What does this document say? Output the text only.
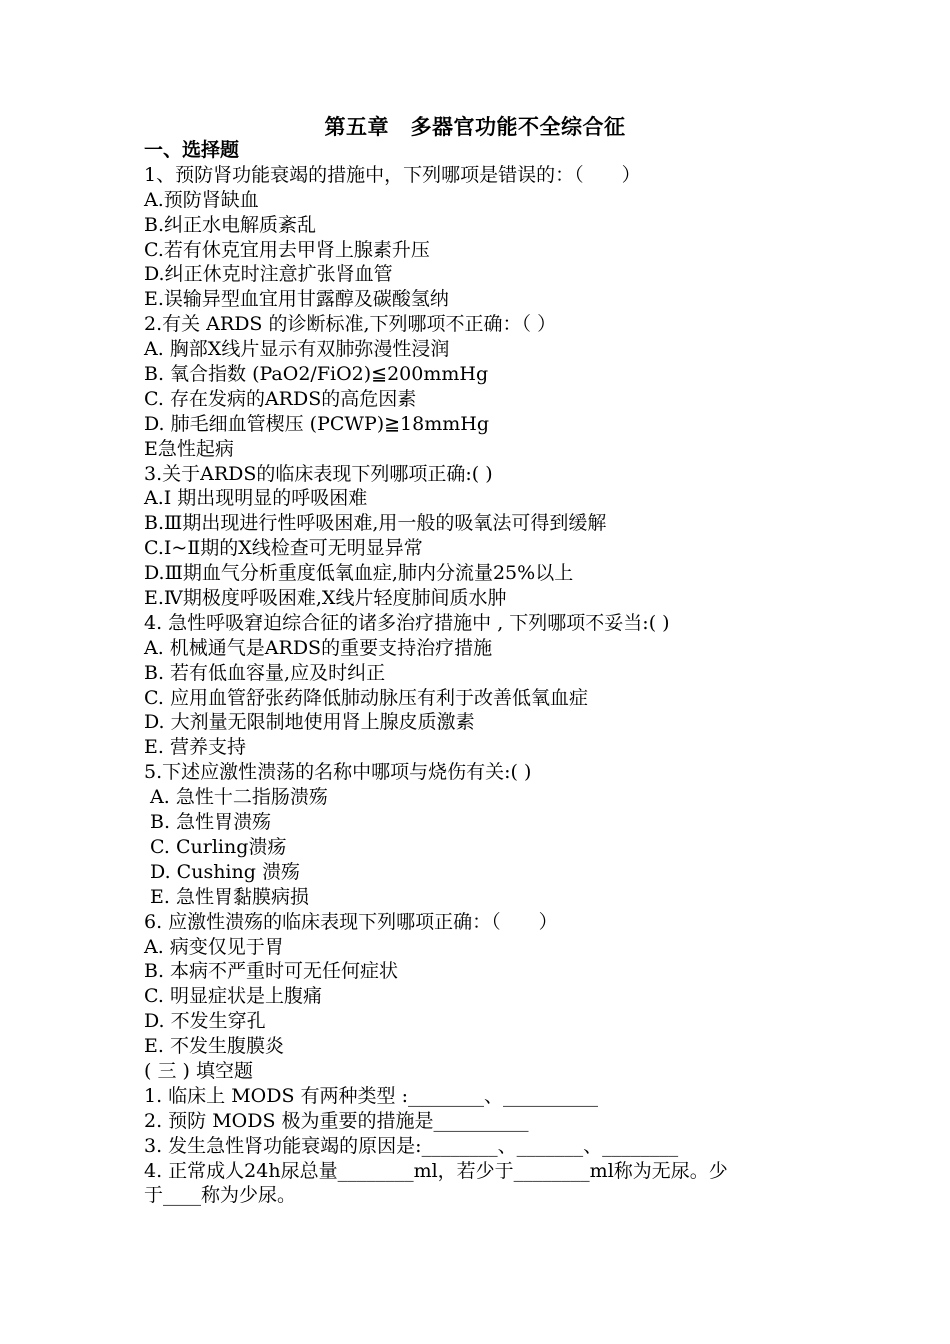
第五章　多器官功能不全综合征
一、选择题
1、预防肾功能衰竭的措施中，下列哪项是错误的：（　　）
A.预防肾缺血
B.纠正水电解质紊乱
C.若有休克宜用去甲肾上腺素升压
D.纠正休克时注意扩张肾血管
E.误输异型血宜用甘露醇及碳酸氢纳
2.有关 ARDS 的诊断标准,下列哪项不正确：（ ）
A. 胸部X线片显示有双肺弥漫性浸润
B. 氧合指数 (PaO2/FiO2)≦200mmHg
C. 存在发病的ARDS的高危因素
D. 肺毛细血管楔压 (PCWP)≧18mmHg
E急性起病
3.关于ARDS的临床表现下列哪项正确:( )
A.I 期出现明显的呼吸困难
B.Ⅲ期出现进行性呼吸困难,用一般的吸氧法可得到缓解
C.I~Ⅱ期的X线检查可无明显异常
D.Ⅲ期血气分析重度低氧血症,肺内分流量25%以上
E.Ⅳ期极度呼吸困难,X线片轻度肺间质水肿
4. 急性呼吸窘迫综合征的诸多治疗措施中 , 下列哪项不妥当:( )
A. 机械通气是ARDS的重要支持治疗措施
B. 若有低血容量,应及时纠正
C. 应用血管舒张药降低肺动脉压有利于改善低氧血症
D. 大剂量无限制地使用肾上腺皮质激素
E. 营养支持
5.下述应激性溃荡的名称中哪项与烧伤有关:( )
A. 急性十二指肠溃殇
B. 急性胃溃殇
C. Curling溃疡
D. Cushing 溃殇
E. 急性胃黏膜病损
6. 应激性溃殇的临床表现下列哪项正确：（　　）
A. 病变仅见于胃
B. 本病不严重时可无任何症状
C. 明显症状是上腹痛
D. 不发生穿孔
E. 不发生腹膜炎
( 三 ) 填空题
1. 临床上 MODS 有两种类型 :________、__________
2. 预防 MODS 极为重要的措施是__________
3. 发生急性肾功能衰竭的原因是:________、_______、________
4. 正常成人24h尿总量________ml，若少于________ml称为无尿。少
于____称为少尿。
